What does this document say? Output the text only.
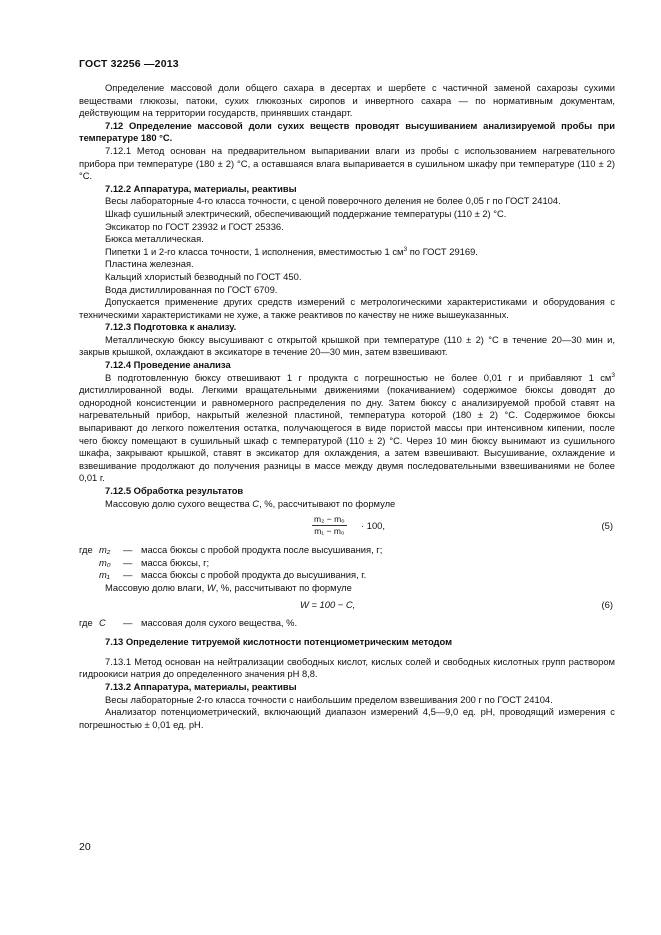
ГОСТ 32256 —2013

Определение массовой доли общего сахара в десертах и шербете с частичной заменой сахарозы сухими веществами глюкозы, патоки, сухих глюкозных сиропов и инвертного сахара — по нормативным документам, действующим на территории государств, принявших стандарт.

7.12 Определение массовой доли сухих веществ проводят высушиванием анализируемой пробы при температуре 180 °С.

7.12.1 Метод основан на предварительном выпаривании влаги из пробы с использованием нагревательного прибора при температуре (180 ± 2) °С, а оставшаяся влага выпаривается в сушильном шкафу при температуре (110 ± 2) °С.

7.12.2 Аппаратура, материалы, реактивы

Весы лабораторные 4-го класса точности, с ценой поверочного деления не более 0,05 г по ГОСТ 24104.

Шкаф сушильный электрический, обеспечивающий поддержание температуры (110 ± 2) °С.

Эксикатор по ГОСТ 23932 и ГОСТ 25336.

Бюкса металлическая.

Пипетки 1 и 2-го класса точности, 1 исполнения, вместимостью 1 $см^3$ по ГОСТ 29169.

Пластина железная.

Кальций хлористый безводный по ГОСТ 450.

Вода дистиллированная по ГОСТ 6709.

Допускается применение других средств измерений с метрологическими характеристиками и оборудования с техническими характеристиками не хуже, а также реактивов по качеству не ниже вышеуказанных.

7.12.3 Подготовка к анализу.

Металлическую бюксу высушивают с открытой крышкой при температуре (110 ± 2) °С в течение 20—30 мин и, закрыв крышкой, охлаждают в эксикаторе в течение 20—30 мин, затем взвешивают.

7.12.4 Проведение анализа

В подготовленную бюксу отвешивают 1 г продукта с погрешностью не более 0,01 г и прибавляют 1 $см^3$ дистиллированной воды. Легкими вращательными движениями (покачиванием) содержимое бюксы доводят до однородной консистенции и равномерного распределения по дну. Затем бюксу с анализируемой пробой ставят на нагревательный прибор, накрытый железной пластиной, температура которой (180 ± 2) °С. Содержимое бюксы выпаривают до легкого пожелтения остатка, получающегося в виде пористой массы при интенсивном кипении, после чего бюксу помещают в сушильный шкаф с температурой (110 ± 2) °С. Через 10 мин бюксу вынимают из сушильного шкафа, закрывают крышкой, ставят в эксикатор для охлаждения, а затем взвешивают. Высушивание, охлаждение и взвешивание продолжают до получения разницы в массе между двумя последовательными взвешиваниями не более 0,01 г.

7.12.5 Обработка результатов

Массовую долю сухого вещества С, %, рассчитывают по формуле

$\frac{\text{m₂ − m₀}}{\text{m₁ − m₀}} \cdot 100$,	(5)
где m₂	— масса бюксы с пробой продукта после высушивания, г;
m₀	— масса бюксы, г;
m₁	— масса бюксы с пробой продукта до высушивания, г.

Массовую долю влаги, W, %, рассчитывают по формуле

W = 100 − C,	(6)
где C	— массовая доля сухого вещества, %.

7.13 Определение титруемой кислотности потенциометрическим методом

7.13.1 Метод основан на нейтрализации свободных кислот, кислых солей и свободных кислотных групп раствором гидроокиси натрия до определенного значения рН 8,8.

7.13.2 Аппаратура, материалы, реактивы

Весы лабораторные 2-го класса точности с наибольшим пределом взвешивания 200 г по ГОСТ 24104.

Анализатор потенциометрический, включающий диапазон измерений 4,5—9,0 ед. рН, проводящий измерения с погрешностью ± 0,01 ед. рН.

20
